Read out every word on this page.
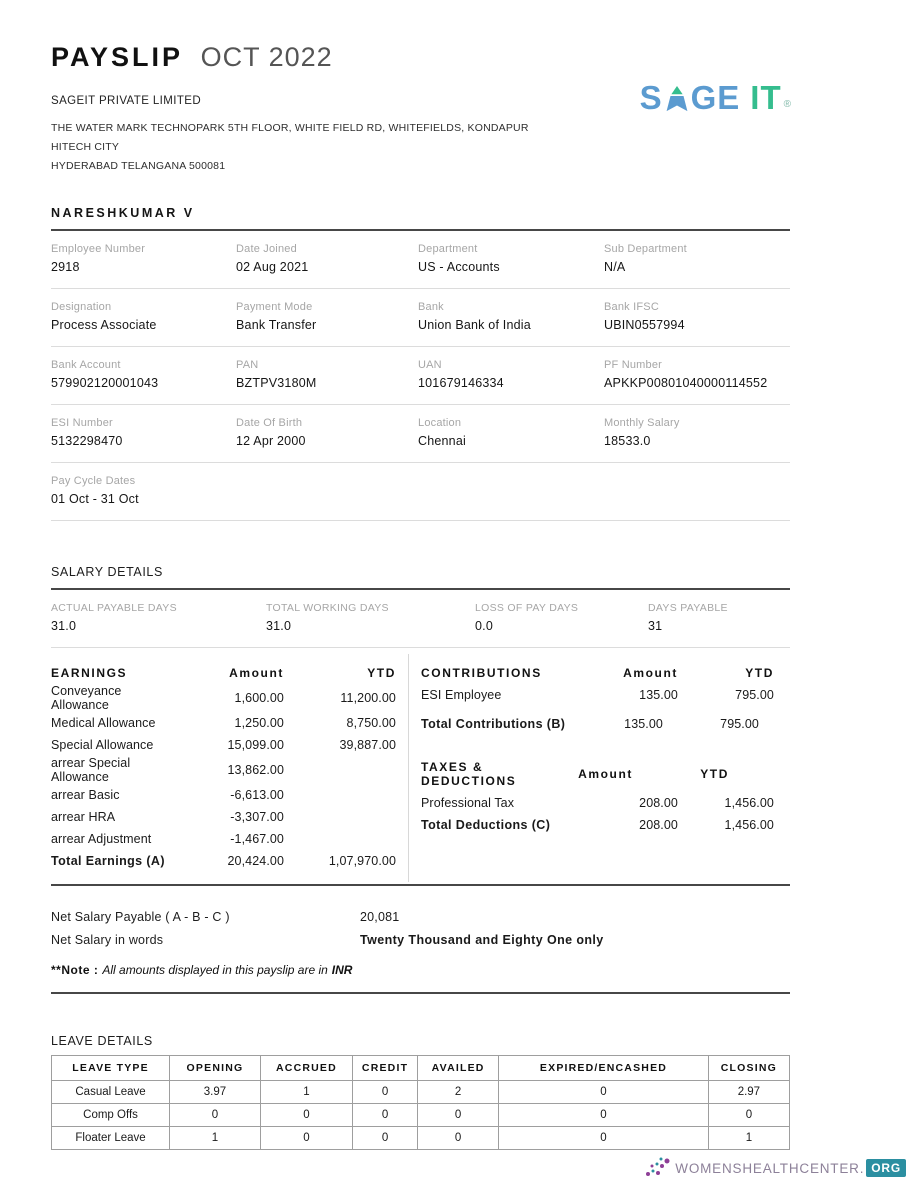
PAYSLIP OCT 2022
SAGEIT PRIVATE LIMITED
THE WATER MARK TECHNOPARK 5TH FLOOR, WHITE FIELD RD, WHITEFIELDS, KONDAPUR
HITECH CITY
HYDERABAD TELANGANA 500081
S GE IT ®
NARESHKUMAR V
Employee Number
2918
Date Joined
02 Aug 2021
Department
US - Accounts
Sub Department
N/A
Designation
Process Associate
Payment Mode
Bank Transfer
Bank
Union Bank of India
Bank IFSC
UBIN0557994
Bank Account
579902120001043
PAN
BZTPV3180M
UAN
101679146334
PF Number
APKKP00801040000114552
ESI Number
5132298470
Date Of Birth
12 Apr 2000
Location
Chennai
Monthly Salary
18533.0
Pay Cycle Dates
01 Oct - 31 Oct
SALARY DETAILS
ACTUAL PAYABLE DAYS
31.0
TOTAL WORKING DAYS
31.0
LOSS OF PAY DAYS
0.0
DAYS PAYABLE
31
EARNINGS	Amount	YTD
Conveyance Allowance	1,600.00	11,200.00
Medical Allowance	1,250.00	8,750.00
Special Allowance	15,099.00	39,887.00
arrear Special Allowance	13,862.00
arrear Basic	-6,613.00
arrear HRA	-3,307.00
arrear Adjustment	-1,467.00
Total Earnings (A)	20,424.00	1,07,970.00
CONTRIBUTIONS	Amount	YTD
ESI Employee	135.00	795.00
Total Contributions (B)	135.00	795.00
TAXES & DEDUCTIONS	Amount	YTD
Professional Tax	208.00	1,456.00
Total Deductions (C)	208.00	1,456.00
Net Salary Payable ( A - B - C )	20,081
Net Salary in words	Twenty Thousand and Eighty One only
**Note : All amounts displayed in this payslip are in INR
LEAVE DETAILS
LEAVE TYPE	OPENING	ACCRUED	CREDIT	AVAILED	EXPIRED/ENCASHED	CLOSING
Casual Leave	3.97	1	0	2	0	2.97
Comp Offs	0	0	0	0	0	0
Floater Leave	1	0	0	0	0	1
WOMENSHEALTHCENTER. ORG
